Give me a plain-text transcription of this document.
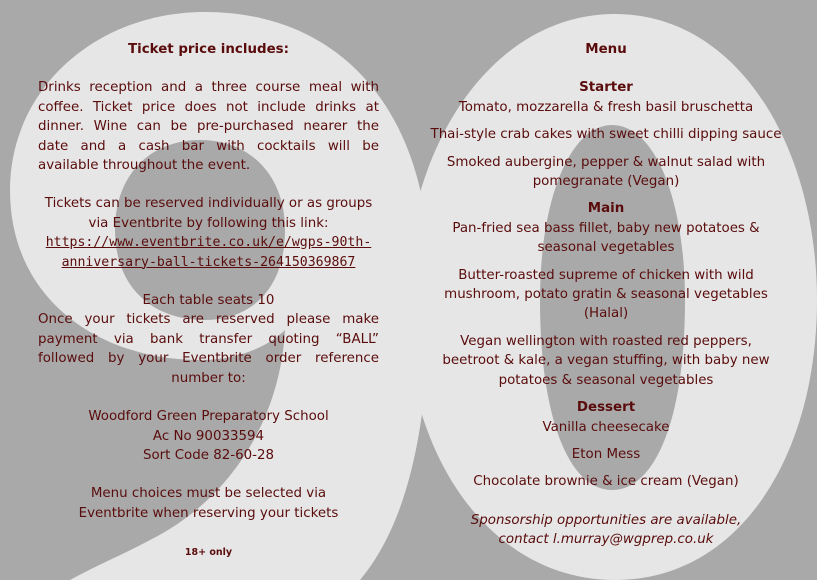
Ticket price includes:

Drinks reception and a three course meal with coffee. Ticket price does not include drinks at dinner. Wine can be pre-purchased nearer the date and a cash bar with cocktails will be available throughout the event.

Tickets can be reserved individually or as groups via Eventbrite by following this link:

https://www.eventbrite.co.uk/e/wgps-90th-
anniversary-ball-tickets-264150369867

Each table seats 10

Once your tickets are reserved please make payment via bank transfer quoting “BALL” followed by your Eventbrite order reference number to:

Woodford Green Preparatory School

Ac No 90033594

Sort Code 82-60-28

Menu choices must be selected via Eventbrite when reserving your tickets

18+ only

Menu

Starter

Tomato, mozzarella & fresh basil bruschetta

Thai-style crab cakes with sweet chilli dipping sauce

Smoked aubergine, pepper & walnut salad with pomegranate (Vegan)

Main

Pan-fried sea bass fillet, baby new potatoes & seasonal vegetables

Butter-roasted supreme of chicken with wild mushroom, potato gratin & seasonal vegetables (Halal)

Vegan wellington with roasted red peppers, beetroot & kale, a vegan stuffing, with baby new potatoes & seasonal vegetables

Dessert

Vanilla cheesecake

Eton Mess

Chocolate brownie & ice cream (Vegan)

Sponsorship opportunities are available, contact l.murray@wgprep.co.uk
